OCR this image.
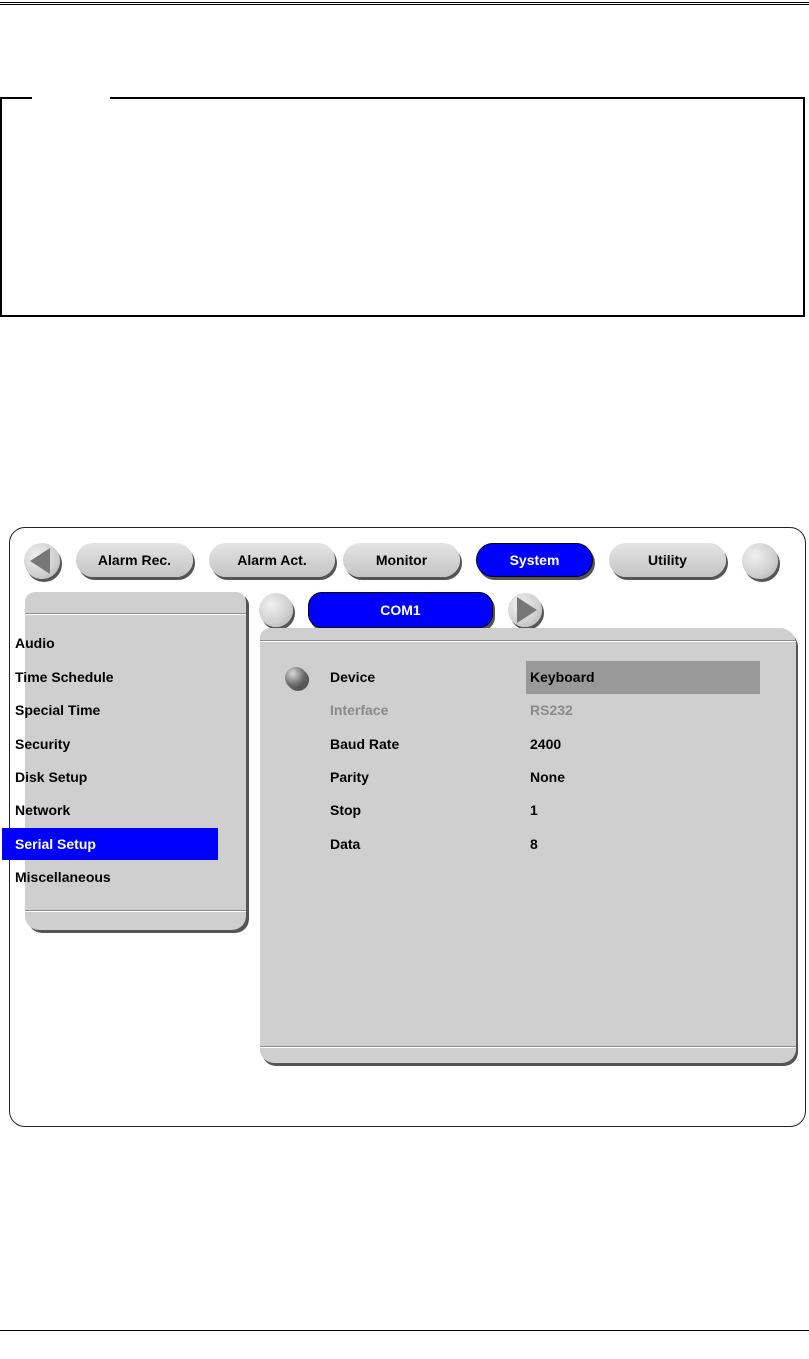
Alarm Rec.	Alarm Act.	Monitor	System	Utility
Audio
Time Schedule
Special Time
Security
Disk Setup
Network
Serial Setup
Miscellaneous
COM1
Device	Keyboard
Interface	RS232
Baud Rate	2400
Parity	None
Stop	1
Data	8
